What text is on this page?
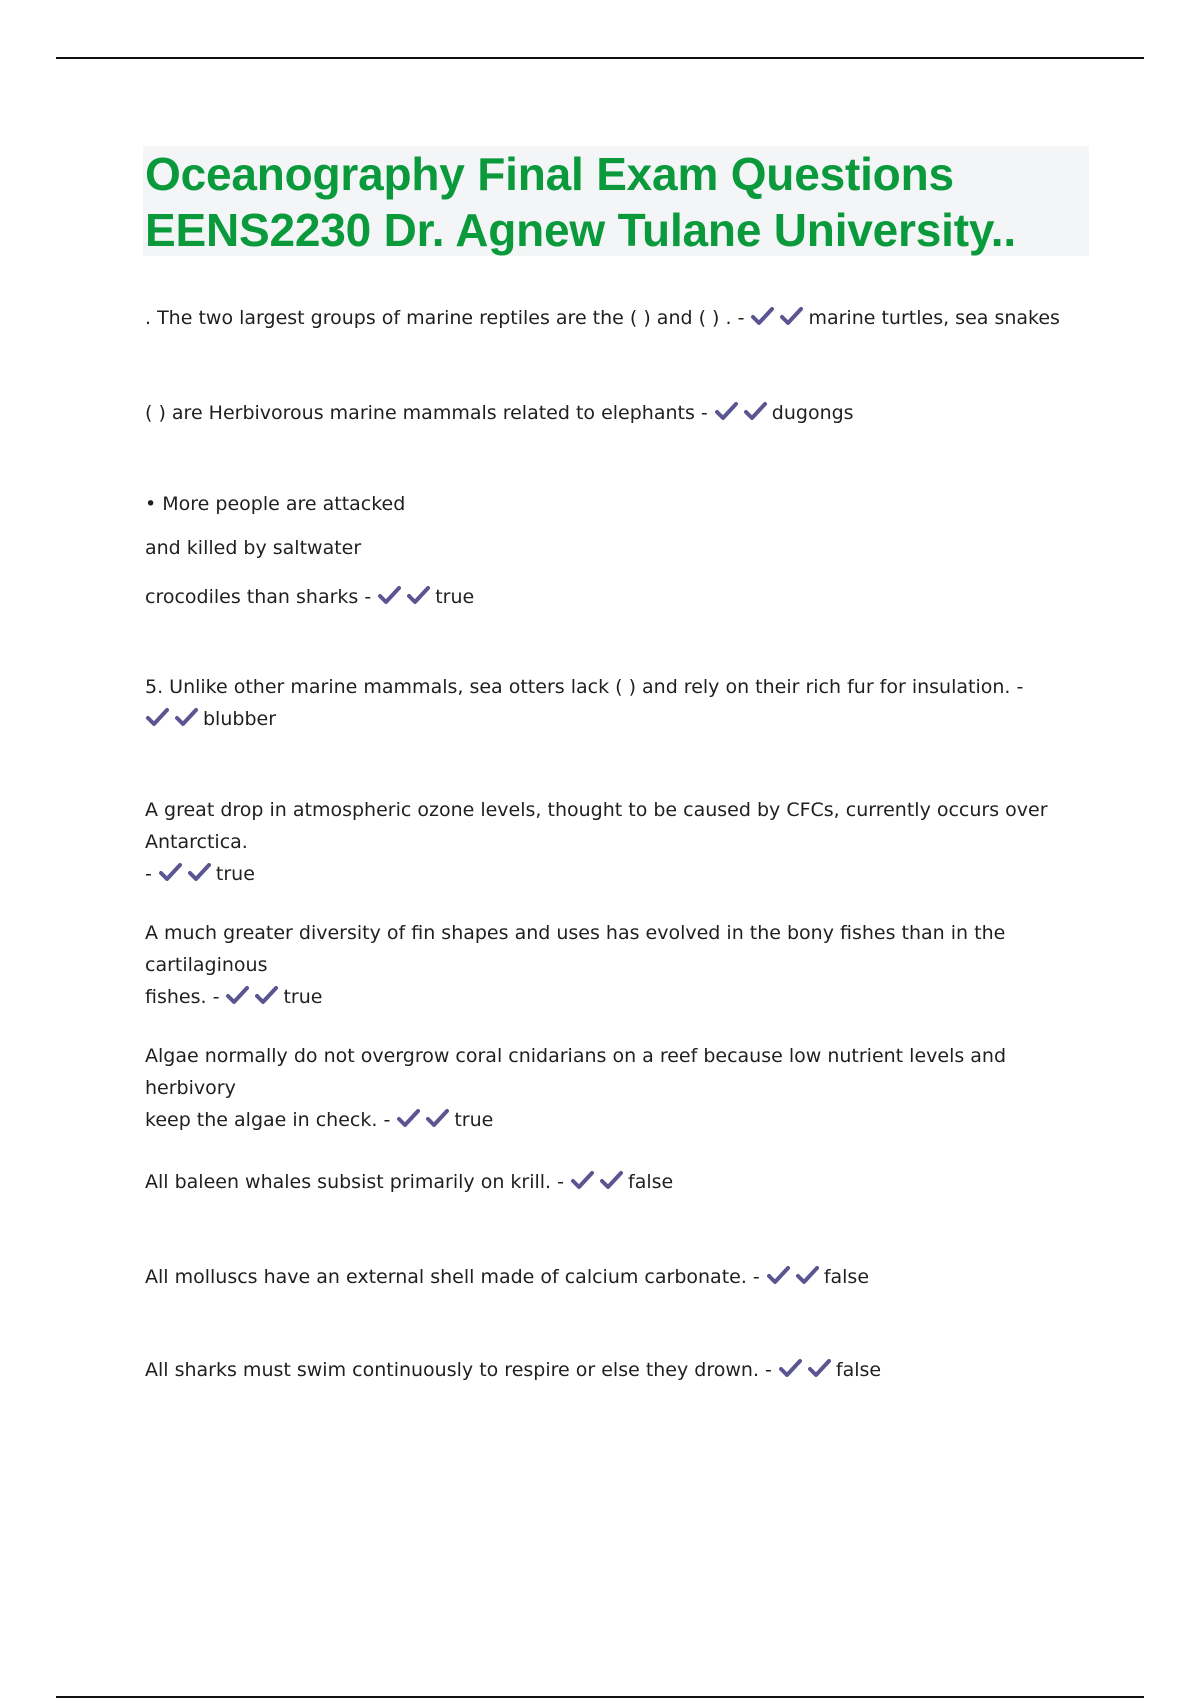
Oceanography Final Exam Questions
EENS2230 Dr. Agnew Tulane University..
. The two largest groups of marine reptiles are the ( ) and ( ) . -	marine turtles, sea snakes
( ) are Herbivorous marine mammals related to elephants -	dugongs
• More people are attacked
and killed by saltwater
crocodiles than sharks -	true
5. Unlike other marine mammals, sea otters lack ( ) and rely on their rich fur for insulation. -
blubber
A great drop in atmospheric ozone levels, thought to be caused by CFCs, currently occurs over Antarctica.
-	true
A much greater diversity of fin shapes and uses has evolved in the bony fishes than in the cartilaginous
fishes. -	true
Algae normally do not overgrow coral cnidarians on a reef because low nutrient levels and herbivory
keep the algae in check. -	true
All baleen whales subsist primarily on krill. -	false
All molluscs have an external shell made of calcium carbonate. -	false
All sharks must swim continuously to respire or else they drown. -	false
